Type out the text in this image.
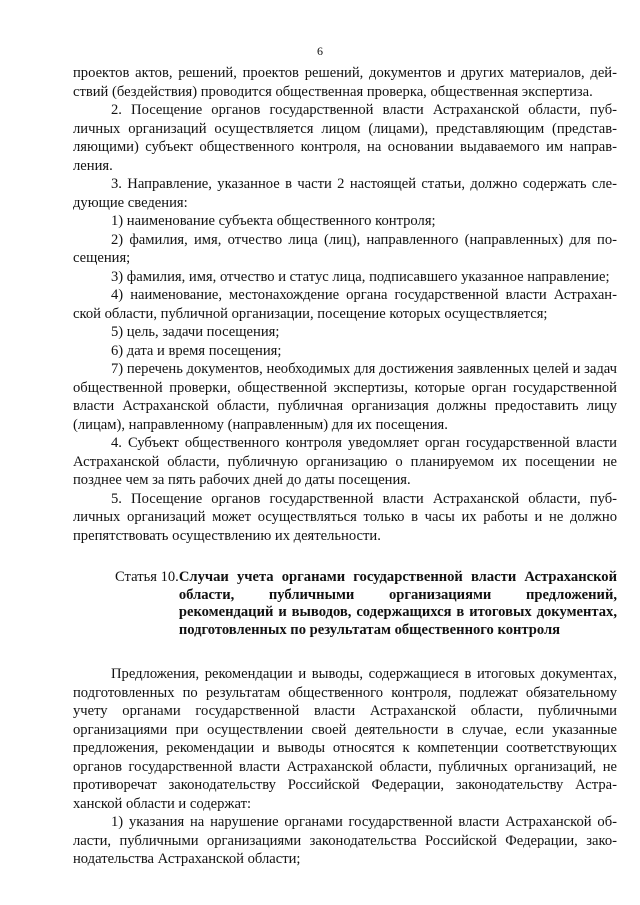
6

проектов актов, решений, проектов решений, документов и других материалов, действий (бездействия) проводится общественная проверка, общественная экспертиза.

2. Посещение органов государственной власти Астраханской области, публичных организаций осуществляется лицом (лицами), представляющим (представляющими) субъект общественного контроля, на основании выдаваемого им направления.

3. Направление, указанное в части 2 настоящей статьи, должно содержать следующие сведения:

1) наименование субъекта общественного контроля;

2) фамилия, имя, отчество лица (лиц), направленного (направленных) для посещения;

3) фамилия, имя, отчество и статус лица, подписавшего указанное направление;

4) наименование, местонахождение органа государственной власти Астраханской области, публичной организации, посещение которых осуществляется;

5) цель, задачи посещения;

6) дата и время посещения;

7) перечень документов, необходимых для достижения заявленных целей и задач общественной проверки, общественной экспертизы, которые орган государственной власти Астраханской области, публичная организация должны предоставить лицу (лицам), направленному (направленным) для их посещения.

4. Субъект общественного контроля уведомляет орган государственной власти Астраханской области, публичную организацию о планируемом их посещении не позднее чем за пять рабочих дней до даты посещения.

5. Посещение органов государственной власти Астраханской области, публичных организаций может осуществляться только в часы их работы и не должно препятствовать осуществлению их деятельности.

Статья 10. Случаи учета органами государственной власти Астраханской области, публичными организациями предложений, рекомендаций и выводов, содержащихся в итоговых документах, подготовленных по результатам общественного контроля

Предложения, рекомендации и выводы, содержащиеся в итоговых документах, подготовленных по результатам общественного контроля, подлежат обязательному учету органами государственной власти Астраханской области, публичными организациями при осуществлении своей деятельности в случае, если указанные предложения, рекомендации и выводы относятся к компетенции соответствующих органов государственной власти Астраханской области, публичных организаций, не противоречат законодательству Российской Федерации, законодательству Астраханской области и содержат:

1) указания на нарушение органами государственной власти Астраханской области, публичными организациями законодательства Российской Федерации, законодательства Астраханской области;
